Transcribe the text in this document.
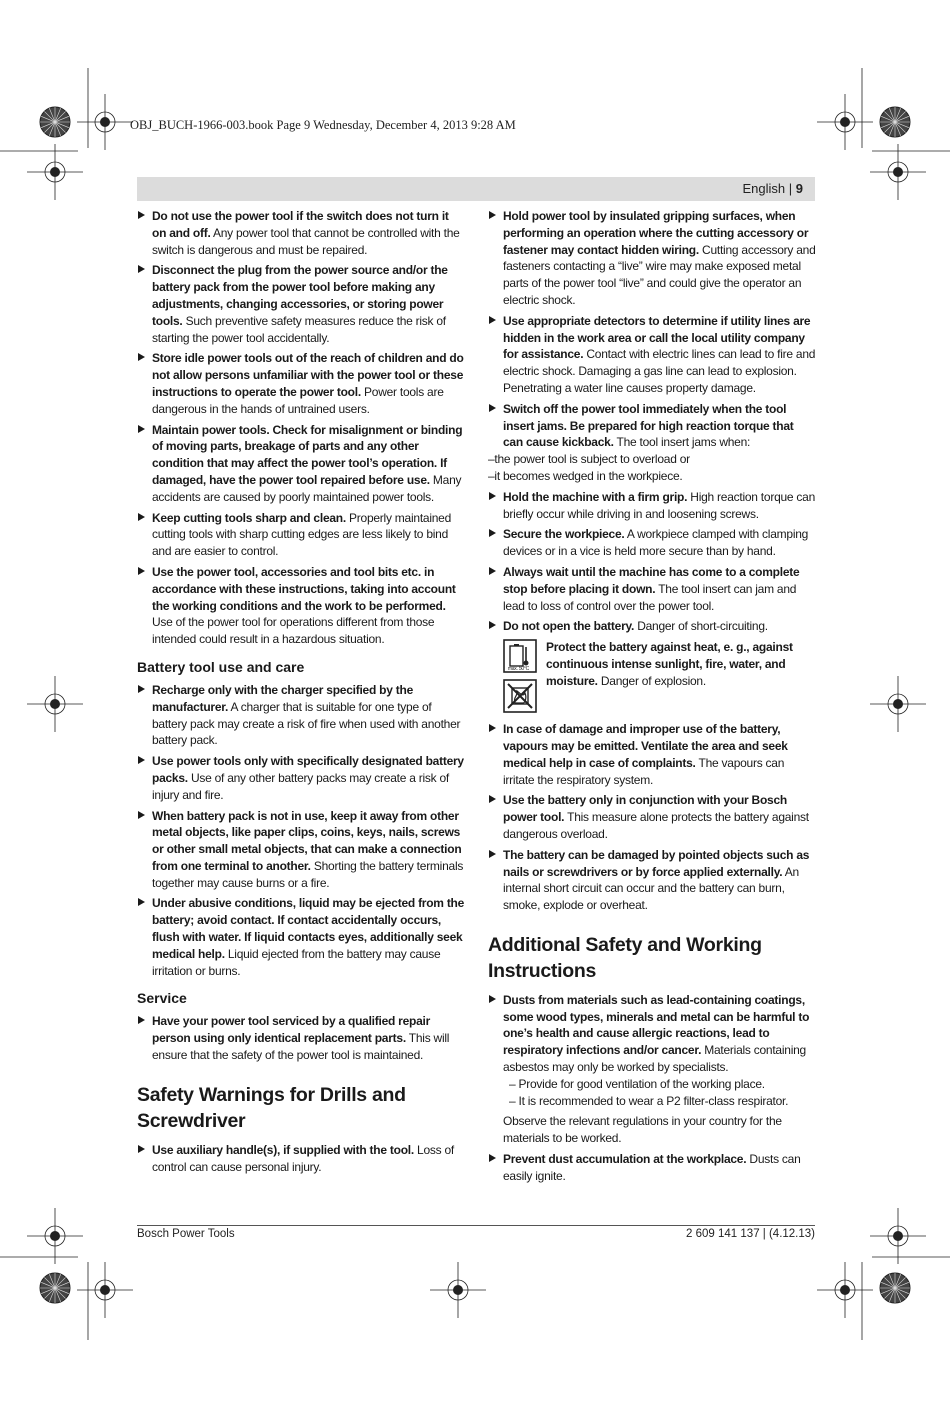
OBJ_BUCH-1966-003.book Page 9 Wednesday, December 4, 2013 9:28 AM
English | 9
Do not use the power tool if the switch does not turn it on and off. Any power tool that cannot be controlled with the switch is dangerous and must be repaired.
Disconnect the plug from the power source and/or the battery pack from the power tool before making any adjustments, changing accessories, or storing power tools. Such preventive safety measures reduce the risk of starting the power tool accidentally.
Store idle power tools out of the reach of children and do not allow persons unfamiliar with the power tool or these instructions to operate the power tool. Power tools are dangerous in the hands of untrained users.
Maintain power tools. Check for misalignment or binding of moving parts, breakage of parts and any other condition that may affect the power tool’s operation. If damaged, have the power tool repaired before use. Many accidents are caused by poorly maintained power tools.
Keep cutting tools sharp and clean. Properly maintained cutting tools with sharp cutting edges are less likely to bind and are easier to control.
Use the power tool, accessories and tool bits etc. in accordance with these instructions, taking into account the working conditions and the work to be performed. Use of the power tool for operations different from those intended could result in a hazardous situation.
Battery tool use and care
Recharge only with the charger specified by the manufacturer. A charger that is suitable for one type of battery pack may create a risk of fire when used with another battery pack.
Use power tools only with specifically designated battery packs. Use of any other battery packs may create a risk of injury and fire.
When battery pack is not in use, keep it away from other metal objects, like paper clips, coins, keys, nails, screws or other small metal objects, that can make a connection from one terminal to another. Shorting the battery terminals together may cause burns or a fire.
Under abusive conditions, liquid may be ejected from the battery; avoid contact. If contact accidentally occurs, flush with water. If liquid contacts eyes, additionally seek medical help. Liquid ejected from the battery may cause irritation or burns.
Service
Have your power tool serviced by a qualified repair person using only identical replacement parts. This will ensure that the safety of the power tool is maintained.
Safety Warnings for Drills and Screwdriver
Use auxiliary handle(s), if supplied with the tool. Loss of control can cause personal injury.
Hold power tool by insulated gripping surfaces, when performing an operation where the cutting accessory or fastener may contact hidden wiring. Cutting accessory and fasteners contacting a “live” wire may make exposed metal parts of the power tool “live” and could give the operator an electric shock.
Use appropriate detectors to determine if utility lines are hidden in the work area or call the local utility company for assistance. Contact with electric lines can lead to fire and electric shock. Damaging a gas line can lead to explosion. Penetrating a water line causes property damage.
Switch off the power tool immediately when the tool insert jams. Be prepared for high reaction torque that can cause kickback. The tool insert jams when:
–the power tool is subject to overload or
–it becomes wedged in the workpiece.
Hold the machine with a firm grip. High reaction torque can briefly occur while driving in and loosening screws.
Secure the workpiece. A workpiece clamped with clamping devices or in a vice is held more secure than by hand.
Always wait until the machine has come to a complete stop before placing it down. The tool insert can jam and lead to loss of control over the power tool.
Do not open the battery. Danger of short-circuiting.
max. 50°C
Protect the battery against heat, e. g., against continuous intense sunlight, fire, water, and moisture. Danger of explosion.
In case of damage and improper use of the battery, vapours may be emitted. Ventilate the area and seek medical help in case of complaints. The vapours can irritate the respiratory system.
Use the battery only in conjunction with your Bosch power tool. This measure alone protects the battery against dangerous overload.
The battery can be damaged by pointed objects such as nails or screwdrivers or by force applied externally. An internal short circuit can occur and the battery can burn, smoke, explode or overheat.
Additional Safety and Working Instructions
Dusts from materials such as lead-containing coatings, some wood types, minerals and metal can be harmful to one’s health and cause allergic reactions, lead to respiratory infections and/or cancer. Materials containing asbestos may only be worked by specialists.
– Provide for good ventilation of the working place.
– It is recommended to wear a P2 filter-class respirator.
Observe the relevant regulations in your country for the materials to be worked.
Prevent dust accumulation at the workplace. Dusts can easily ignite.
Bosch Power Tools	2 609 141 137 | (4.12.13)
